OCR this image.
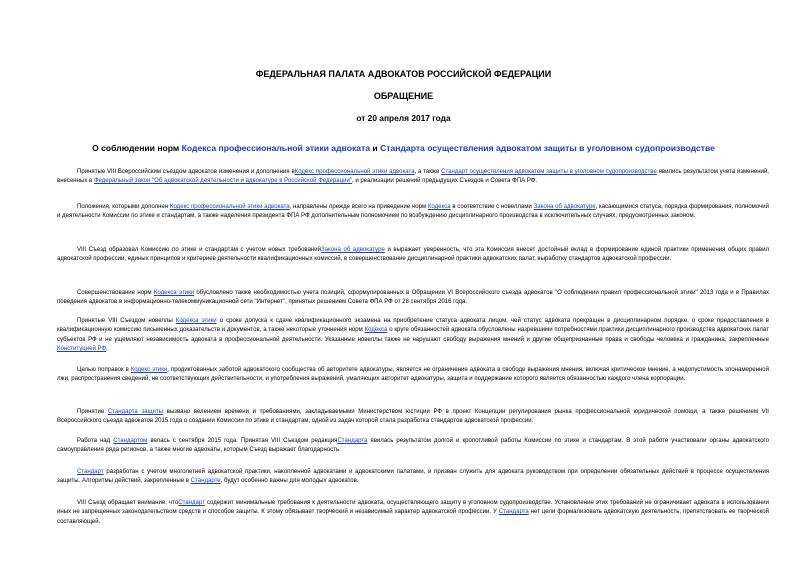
ФЕДЕРАЛЬНАЯ ПАЛАТА АДВОКАТОВ РОССИЙСКОЙ ФЕДЕРАЦИИ
ОБРАЩЕНИЕ
от 20 апреля 2017 года
О соблюдении норм Кодекса профессиональной этики адвоката и Стандарта осуществления адвокатом защиты в уголовном судопроизводстве
Принятые VIII Всероссийским съездом адвокатов изменения и дополнения вКодекс профессиональной этики адвоката, а также Стандарт осуществления адвокатом защиты в уголовном судопроизводстве явились результатом учета изменений, внесенных в Федеральный закон "Об адвокатской деятельности и адвокатуре в Российской Федерации", и реализации решений предыдущих Съездов и Совета ФПА РФ.
Положения, которыми дополнен Кодекс профессиональной этики адвоката, направлены прежде всего на приведение норм Кодекса в соответствие с новеллами Закона об адвокатуре, касающимися статуса, порядка формирования, полномочий и деятельности Комиссии по этике и стандартам, а также наделения президента ФПА РФ дополнительным полномочием по возбуждению дисциплинарного производства в исключительных случаях, предусмотренных законом.
VIII Съезд образовал Комиссию по этике и стандартам с учетом новых требованийЗакона об адвокатуре и выражает уверенность, что эта Комиссия внесет достойный вклад в формирование единой практики применения общих правил адвокатской профессии, единых принципов и критериев деятельности квалификационных комиссий, в совершенствование дисциплинарной практики адвокатских палат, выработку стандартов адвокатской профессии.
Совершенствование норм Кодекса этики обусловлено также необходимостью учета позиций, сформулированных в Обращении VI Всероссийского съезда адвокатов "О соблюдении правил профессиональной этики" 2013 года и в Правилах поведения адвокатов в информационно-телекоммуникационной сети "Интернет", принятых решением Совета ФПА РФ от 28 сентября 2016 года.
Принятые VIII Съездом новеллы Кодекса этики о сроке допуска к сдаче квалификационного экзамена на приобретение статуса адвоката лицом, чей статус адвоката прекращен в дисциплинарном порядке, о сроке предоставления в квалификационную комиссию письменных доказательств и документов, а также некоторые уточнения норм Кодекса о круге обязанностей адвоката обусловлены назревшими потребностями практики дисциплинарного производства адвокатских палат субъектов РФ и не ущемляют независимость адвоката в профессиональной деятельности. Указанные новеллы также не нарушают свободу выражения мнений и другие общепризнанные права и свободы человека и гражданина, закрепленные Конституцией РФ.
Целью поправок в Кодекс этики, продиктованных заботой адвокатского сообщества об авторитете адвокатуры, является не ограничение адвоката в свободе выражения мнения, включая критическое мнение, а недопустимость злонамеренной лжи, распространения сведений, не соответствующих действительности, и употребления выражений, умаляющих авторитет адвокатуры, защита и поддержание которого является обязанностью каждого члена корпорации.
Принятие Стандарта защиты вызвано велением времени и требованиями, закладываемыми Министерством юстиции РФ в проект Концепции регулирования рынка профессиональной юридической помощи, а также решением VII Всероссийского съезда адвокатов 2015 года о создании Комиссии по этике и стандартам, одной из задач которой стала разработка стандартов адвокатской профессии.
Работа над Стандартом велась с сентября 2015 года. Принятая VIII Съездом редакцияСтандарта явилась результатом долгой и кропотливой работы Комиссии по этике и стандартам. В этой работе участвовали органы адвокатского самоуправления ряда регионов, а также многие адвокаты, которым Съезд выражает благодарность.
Стандарт разработан с учетом многолетней адвокатской практики, накопленной адвокатами и адвокатскими палатами, и призван служить для адвоката руководством при определении обязательных действий в процессе осуществления защиты. Алгоритмы действий, закрепленные в Стандарте, будут особенно важны для молодых адвокатов.
VIII Съезд обращает внимание, чтоСтандарт содержит минимальные требования к деятельности адвоката, осуществляющего защиту в уголовном судопроизводстве. Установление этих требований не ограничивает адвоката в использовании иных не запрещенных законодательством средств и способов защиты. К этому обязывает творческий и независимый характер адвокатской профессии. У Стандарта нет цели формализовать адвокатскую деятельность, препятствовать ее творческой составляющей.
